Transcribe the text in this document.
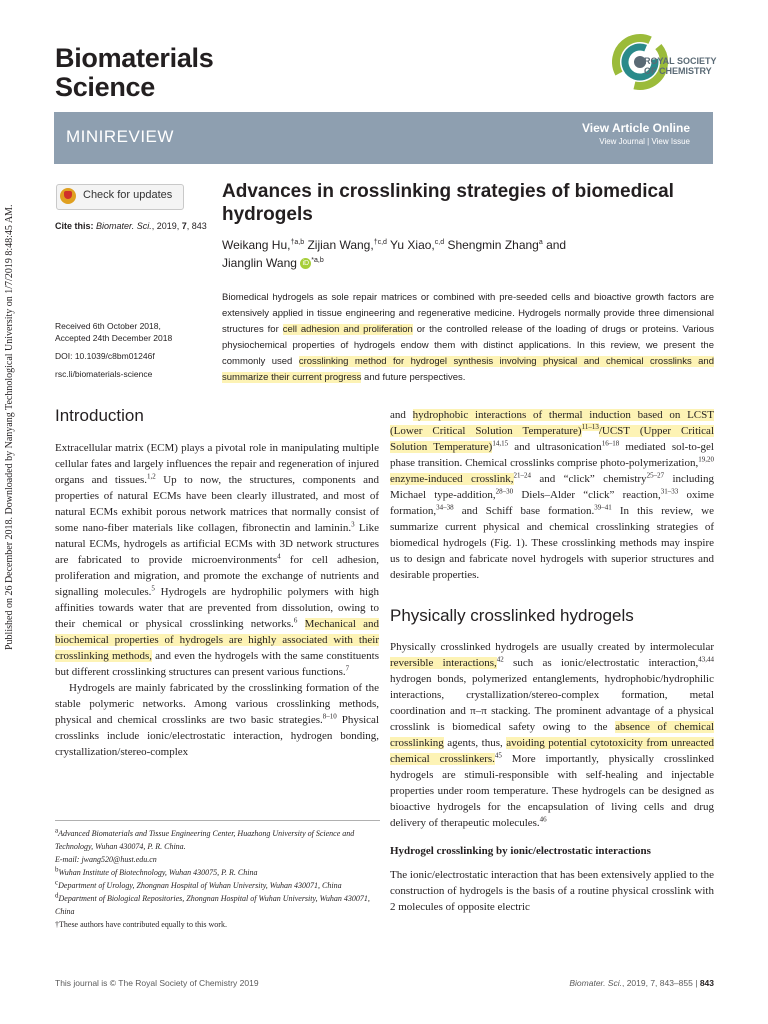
Biomaterials
Science
ROYAL SOCIETY
OF CHEMISTRY
MINIREVIEW	View Article Online
View Journal | View Issue
Published on 26 December 2018. Downloaded by Nanyang Technological University on 1/7/2019 8:48:45 AM.
Check for updates
Cite this: Biomater. Sci., 2019, 7, 843
Advances in crosslinking strategies of biomedical hydrogels
Weikang Hu,$^{\dagger a,b}$ Zijian Wang,$^{\dagger c,d}$ Yu Xiao,$^{c,d}$ Shengmin Zhang$^a$ and
Jianglin Wang iD $^{*a,b}$
Received 6th October 2018,
Accepted 24th December 2018
DOI: 10.1039/c8bm01246f
rsc.li/biomaterials-science
Biomedical hydrogels as sole repair matrices or combined with pre-seeded cells and bioactive growth factors are extensively applied in tissue engineering and regenerative medicine. Hydrogels normally provide three dimensional structures for cell adhesion and proliferation or the controlled release of the loading of drugs or proteins. Various physiochemical properties of hydrogels endow them with distinct applications. In this review, we present the commonly used crosslinking method for hydrogel synthesis involving physical and chemical crosslinks and summarize their current progress and future perspectives.
Introduction
Extracellular matrix (ECM) plays a pivotal role in manipulating multiple cellular fates and largely influences the repair and regeneration of injured organs and tissues.$^{1,2}$ Up to now, the structures, components and properties of natural ECMs have been clearly illustrated, and most of natural ECMs exhibit porous network matrices that normally consist of some nano-fiber materials like collagen, fibronectin and laminin.$^3$ Like natural ECMs, hydrogels as artificial ECMs with 3D network structures are fabricated to provide microenvironments$^4$ for cell adhesion, proliferation and migration, and promote the exchange of nutrients and signalling molecules.$^5$ Hydrogels are hydrophilic polymers with high affinities towards water that are prevented from dissolution, owing to their chemical or physical crosslinking networks.$^6$ Mechanical and biochemical properties of hydrogels are highly associated with their crosslinking methods, and even the hydrogels with the same constituents but different crosslinking structures can present various functions.$^7$
Hydrogels are mainly fabricated by the crosslinking formation of the stable polymeric networks. Among various crosslinking methods, physical and chemical crosslinks are two basic strategies.$^{8-10}$ Physical crosslinks include ionic/electrostatic interaction, hydrogen bonding, crystallization/stereo-complex
and hydrophobic interactions of thermal induction based on LCST (Lower Critical Solution Temperature)$^{11-13}$/UCST (Upper Critical Solution Temperature)$^{14,15}$ and ultrasonication$^{16-18}$ mediated sol-to-gel phase transition. Chemical crosslinks comprise photo-polymerization,$^{19,20}$ enzyme-induced crosslink,$^{21-24}$ and “click” chemistry$^{25-27}$ including Michael type-addition,$^{28-30}$ Diels–Alder “click” reaction,$^{31-33}$ oxime formation,$^{34-38}$ and Schiff base formation.$^{39-41}$ In this review, we summarize current physical and chemical crosslinking strategies of biomedical hydrogels (Fig. 1). These crosslinking methods may inspire us to design and fabricate novel hydrogels with superior structures and desirable properties.
Physically crosslinked hydrogels
Physically crosslinked hydrogels are usually created by intermolecular reversible interactions,$^{42}$ such as ionic/electrostatic interaction,$^{43,44}$ hydrogen bonds, polymerized entanglements, hydrophobic/hydrophilic interactions, crystallization/stereo-complex formation, metal coordination and π–π stacking. The prominent advantage of a physical crosslink is biomedical safety owing to the absence of chemical crosslinking agents, thus, avoiding potential cytotoxicity from unreacted chemical crosslinkers.$^{45}$ More importantly, physically crosslinked hydrogels are stimuli-responsible with self-healing and injectable properties under room temperature. These hydrogels can be designed as bioactive hydrogels for the encapsulation of living cells and drug delivery of therapeutic molecules.$^{46}$
Hydrogel crosslinking by ionic/electrostatic interactions
The ionic/electrostatic interaction that has been extensively applied to the construction of hydrogels is the basis of a routine physical crosslink with 2 molecules of opposite electric
$^a$Advanced Biomaterials and Tissue Engineering Center, Huazhong University of Science and Technology, Wuhan 430074, P. R. China.
E-mail: jwang520@hust.edu.cn
$^b$Wuhan Institute of Biotechnology, Wuhan 430075, P. R. China
$^c$Department of Urology, Zhongnan Hospital of Wuhan University, Wuhan 430071, China
$^d$Department of Biological Repositories, Zhongnan Hospital of Wuhan University, Wuhan 430071, China
†These authors have contributed equally to this work.
This journal is © The Royal Society of Chemistry 2019	Biomater. Sci., 2019, 7, 843–855 | 843
